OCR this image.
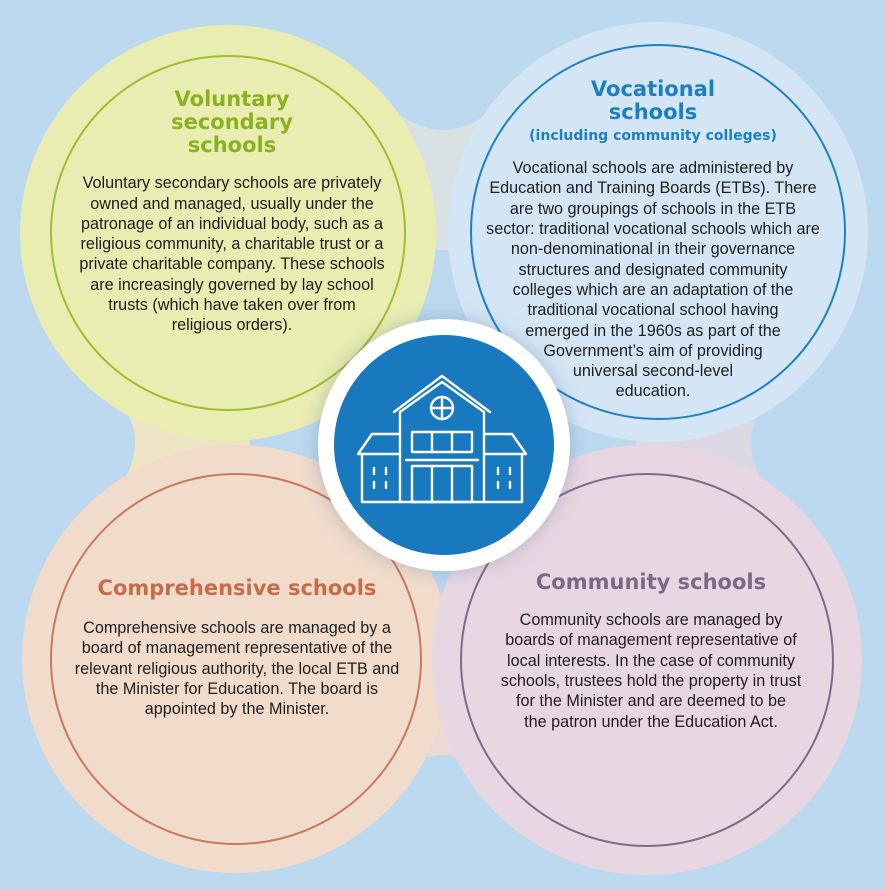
Voluntary
secondary
schools
Voluntary secondary schools are privately
owned and managed, usually under the
patronage of an individual body, such as a
religious community, a charitable trust or a
private charitable company. These schools
are increasingly governed by lay school
trusts (which have taken over from
religious orders).
Vocational
schools
(including community colleges)
Vocational schools are administered by
Education and Training Boards (ETBs). There
are two groupings of schools in the ETB
sector: traditional vocational schools which are
non-denominational in their governance
structures and designated community
colleges which are an adaptation of the
traditional vocational school having
emerged in the 1960s as part of the
Government’s aim of providing
universal second-level
education.
Comprehensive schools
Comprehensive schools are managed by a
board of management representative of the
relevant religious authority, the local ETB and
the Minister for Education. The board is
appointed by the Minister.
Community schools
Community schools are managed by
boards of management representative of
local interests. In the case of community
schools, trustees hold the property in trust
for the Minister and are deemed to be
the patron under the Education Act.
